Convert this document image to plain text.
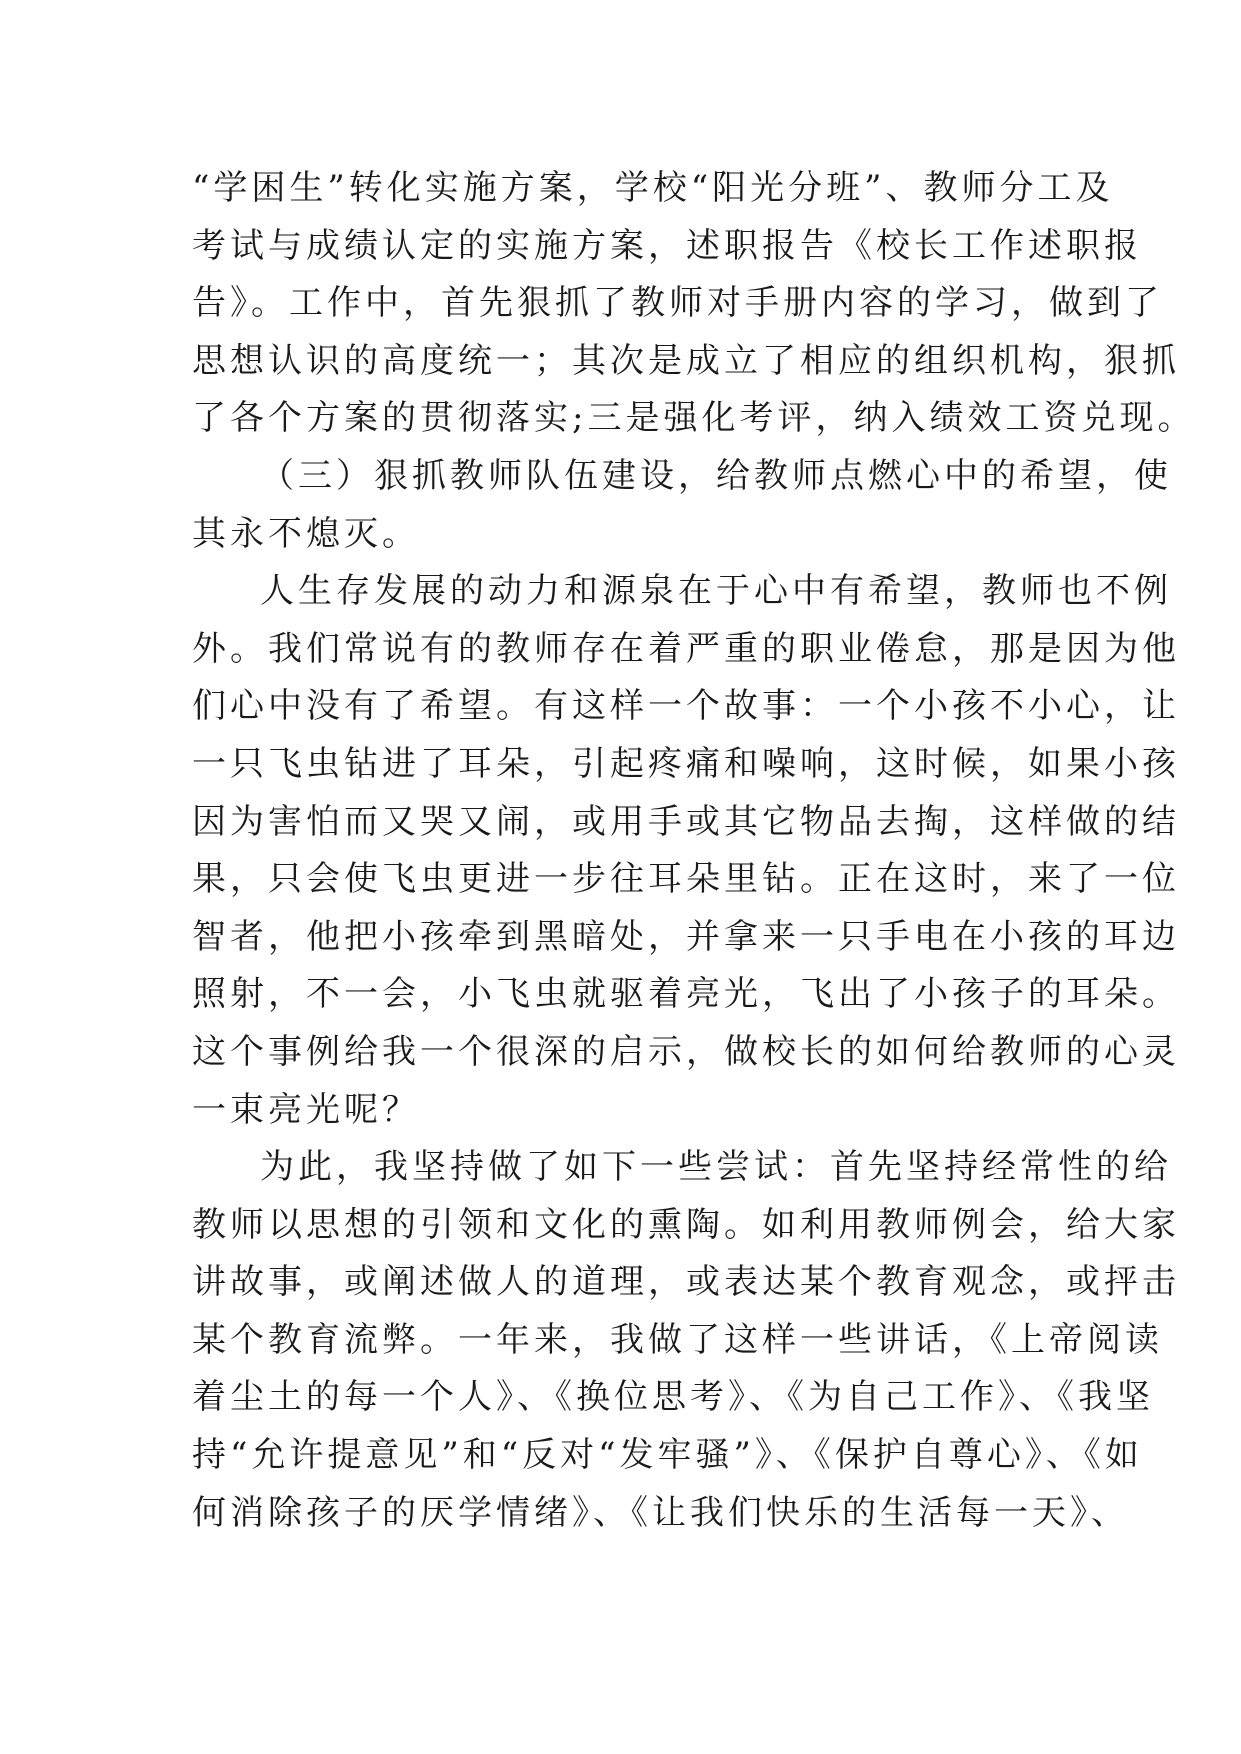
“学困生”转化实施方案，学校“阳光分班”、教师分工及
考试与成绩认定的实施方案，述职报告《校长工作述职报
告》。工作中，首先狠抓了教师对手册内容的学习，做到了
思想认识的高度统一；其次是成立了相应的组织机构，狠抓
了各个方案的贯彻落实;三是强化考评，纳入绩效工资兑现。
（三）狠抓教师队伍建设，给教师点燃心中的希望，使
其永不熄灭。
人生存发展的动力和源泉在于心中有希望，教师也不例
外。我们常说有的教师存在着严重的职业倦怠，那是因为他
们心中没有了希望。有这样一个故事：一个小孩不小心，让
一只飞虫钻进了耳朵，引起疼痛和噪响，这时候，如果小孩
因为害怕而又哭又闹，或用手或其它物品去掏，这样做的结
果，只会使飞虫更进一步往耳朵里钻。正在这时，来了一位
智者，他把小孩牵到黑暗处，并拿来一只手电在小孩的耳边
照射，不一会，小飞虫就驱着亮光，飞出了小孩子的耳朵。
这个事例给我一个很深的启示，做校长的如何给教师的心灵
一束亮光呢？
为此，我坚持做了如下一些尝试：首先坚持经常性的给
教师以思想的引领和文化的熏陶。如利用教师例会，给大家
讲故事，或阐述做人的道理，或表达某个教育观念，或抨击
某个教育流弊。一年来，我做了这样一些讲话，《上帝阅读
着尘土的每一个人》、《换位思考》、《为自己工作》、《我坚
持“允许提意见”和“反对“发牢骚”》、《保护自尊心》、《如
何消除孩子的厌学情绪》、《让我们快乐的生活每一天》、
